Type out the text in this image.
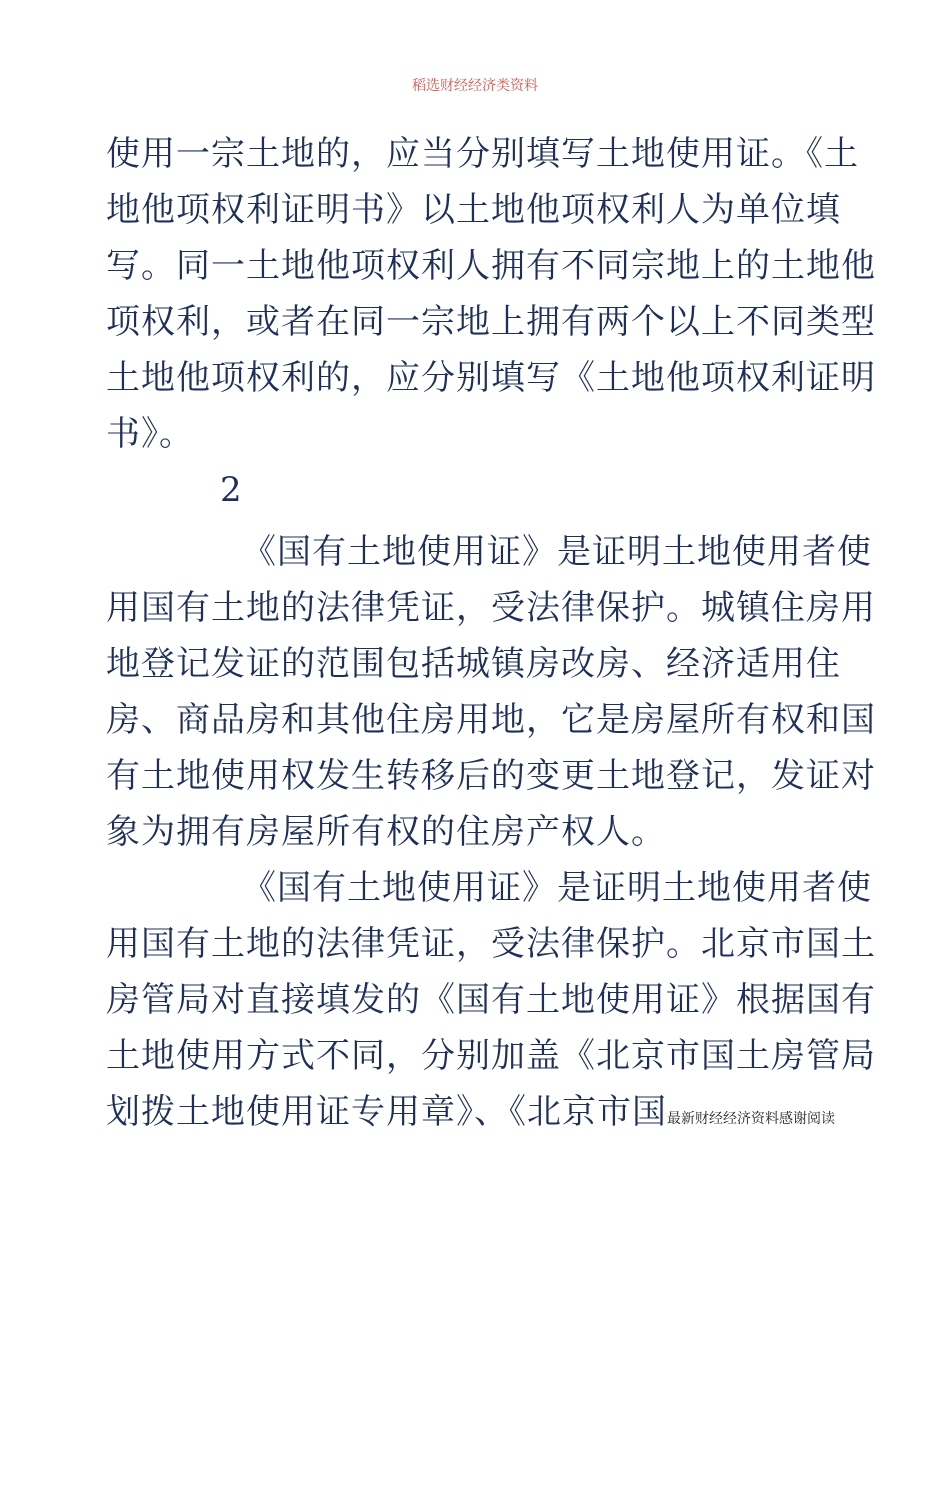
稻选财经经济类资料

使用一宗土地的，应当分别填写土地使用证。《土地他项权利证明书》以土地他项权利人为单位填写。同一土地他项权利人拥有不同宗地上的土地他项权利，或者在同一宗地上拥有两个以上不同类型土地他项权利的，应分别填写《土地他项权利证明书》。

2

《国有土地使用证》是证明土地使用者使用国有土地的法律凭证，受法律保护。城镇住房用地登记发证的范围包括城镇房改房、经济适用住房、商品房和其他住房用地，它是房屋所有权和国有土地使用权发生转移后的变更土地登记，发证对象为拥有房屋所有权的住房产权人。

《国有土地使用证》是证明土地使用者使用国有土地的法律凭证，受法律保护。北京市国土房管局对直接填发的《国有土地使用证》根据国有土地使用方式不同，分别加盖《北京市国土房管局划拨土地使用证专用章》、《北京市国最新财经经济资料感谢阅读
